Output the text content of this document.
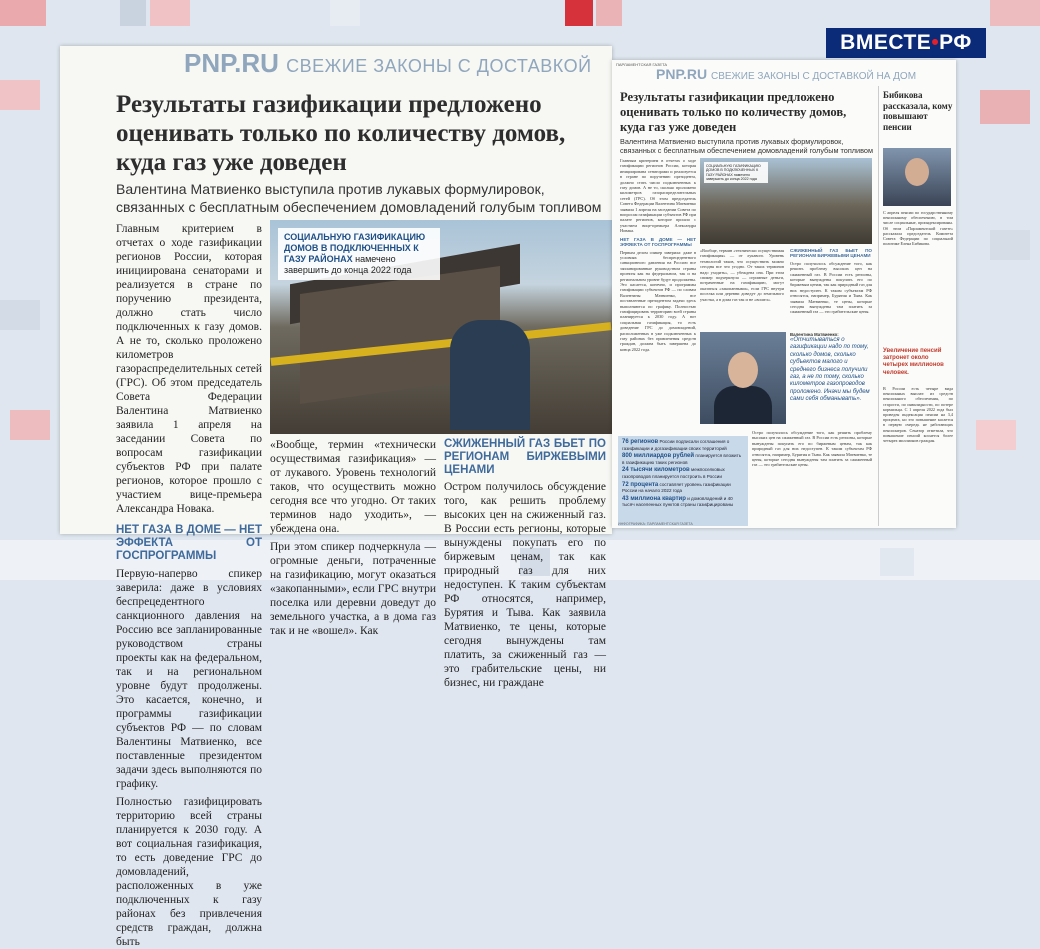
ВМЕСТЕ•РФ
PNP.RU СВЕЖИЕ ЗАКОНЫ С ДОСТАВКОЙ
Результаты газификации предложено оценивать только по количеству домов, куда газ уже доведен
Валентина Матвиенко выступила против лукавых формулировок, связанных с бесплатным обеспечением домовладений голубым топливом
Главным критерием в отчетах о ходе газификации регионов России, которая инициирована сенаторами и реализуется в стране по поручению президента, должно стать число подключенных к газу домов. А не то, сколько проложено километров газораспределительных сетей (ГРС). Об этом председатель Совета Федерации Валентина Матвиенко заявила 1 апреля на заседании Совета по вопросам газификации субъектов РФ при палате регионов, которое прошло с участием вице-премьера Александра Новака.
НЕТ ГАЗА В ДОМЕ — НЕТ ЭФФЕКТА ОТ ГОСПРОГРАММЫ
Первую-наперво спикер заверила: даже в условиях беспрецедентного санкционного давления на Россию все запланированные руководством страны проекты как на федеральном, так и на региональном уровне будут продолжены. Это касается, конечно, и программы газификации субъектов РФ — по словам Валентины Матвиенко, все поставленные президентом задачи здесь выполняются по графику.
Полностью газифицировать территорию всей страны планируется к 2030 году. А вот социальная газификация, то есть доведение ГРС до домовладений, расположенных в уже подключенных к газу районах без привлечения средств граждан, должна быть
СОЦИАЛЬНУЮ ГАЗИФИКАЦИЮ ДОМОВ В ПОДКЛЮЧЕННЫХ К ГАЗУ РАЙОНАХ намечено завершить до конца 2022 года
«Вообще, термин «технически осуществимая газификация» — от лукавого. Уровень технологий таков, что осуществить можно сегодня все что угодно. От таких терминов надо уходить», — убеждена она.
При этом спикер подчеркнула — огромные деньги, потраченные на газификацию, могут оказаться «закопанными», если ГРС внутри поселка или деревни доведут до земельного участка, а в дома газ так и не «вошел». Как
СЖИЖЕННЫЙ ГАЗ БЬЕТ ПО РЕГИОНАМ БИРЖЕВЫМИ ЦЕНАМИ
Остром получилось обсуждение того, как решить проблему высоких цен на сжиженный газ. В России есть регионы, которые вынуждены покупать его по биржевым ценам, так как природный газ для них недоступен. К таким субъектам РФ относятся, например, Бурятия и Тыва. Как заявила Матвиенко, те цены, которые сегодня вынуждены там платить, за сжиженный газ — это грабительские цены, ни бизнес, ни граждане
ПАРЛАМЕНТСКАЯ ГАЗЕТА
PNP.RU СВЕЖИЕ ЗАКОНЫ С ДОСТАВКОЙ НА ДОМ
Результаты газификации предложено оценивать только по количеству домов, куда газ уже доведен
Валентина Матвиенко выступила против лукавых формулировок, связанных с бесплатным обеспечением домовладений голубым топливом
Главным критерием в отчетах о ходе газификации регионов России, которая инициирована сенаторами и реализуется в стране по поручению президента, должно стать число подключенных к газу домов. А не то, сколько проложено километров газораспределительных сетей (ГРС). Об этом председатель Совета Федерации Валентина Матвиенко заявила 1 апреля на заседании Совета по вопросам газификации субъектов РФ при палате регионов, которое прошло с участием вице-премьера Александра Новака.
НЕТ ГАЗА В ДОМЕ — НЕТ ЭФФЕКТА ОТ ГОСПРОГРАММЫ
Первым делом спикер заверила: даже в условиях беспрецедентного санкционного давления на Россию все запланированные руководством страны проекты как на федеральном, так и на региональном уровне будут продолжены. Это касается, конечно, и программы газификации субъектов РФ — по словам Валентины Матвиенко, все поставленные президентом задачи здесь выполняются по графику. Полностью газифицировать территорию всей страны планируется к 2030 году. А вот социальная газификация, то есть доведение ГРС до домовладений, расположенных в уже подключенных к газу районах без привлечения средств граждан, должна быть завершена до конца 2022 года.
СОЦИАЛЬНУЮ ГАЗИФИКАЦИЮ ДОМОВ В ПОДКЛЮЧЕННЫХ К ГАЗУ РАЙОНАХ намечено завершить до конца 2022 года
«Вообще, термин «технически осуществимая газификация» — от лукавого. Уровень технологий таков, что осуществить можно сегодня все что угодно. От таких терминов надо уходить», — убеждена она. При этом спикер подчеркнула — огромные деньги, потраченные на газификацию, могут оказаться «закопанными», если ГРС внутри поселка или деревни доведут до земельного участка, а в дома газ так и не «вошел».
СЖИЖЕННЫЙ ГАЗ БЬЕТ ПО РЕГИОНАМ БИРЖЕВЫМИ ЦЕНАМИ
Остро получилось обсуждение того, как решить проблему высоких цен на сжиженный газ. В России есть регионы, которые вынуждены покупать его по биржевым ценам, так как природный газ для них недоступен. К таким субъектам РФ относятся, например, Бурятия и Тыва. Как заявила Матвиенко, те цены, которые сегодня вынуждены там платить за сжиженный газ — это грабительские цены.
Валентина Матвиенко:
«Отчитываться о газификации надо по тому, сколько домов, сколько субъектов малого и среднего бизнеса получили газ, а не по тому, сколько километров газопроводов проложено. Иначи мы будем сами себя обманывать».
76 регионов России подписали соглашения о газификации и догазификации своих территорий
800 миллиардов рублей планируется вложить в газификацию таких регионов
24 тысячи километров межпоселковых газопроводов планируется построить в России
72 процента составляет уровень газификации России на начало 2022 года
43 миллиона квартир и домовладений и 40 тысяч населенных пунктов страны газифицированы
Остро получилось обсуждение того, как решить проблему высоких цен на сжиженный газ. В России есть регионы, которые вынуждены покупать его по биржевым ценам, так как природный газ для них недоступен. К таким субъектам РФ относятся, например, Бурятия и Тыва. Как заявила Матвиенко, те цены, которые сегодня вынуждены там платить за сжиженный газ — это грабительские цены.
Бибикова рассказала, кому повышают пенсии
С апреля пенсии по государственному пенсионному обеспечению, в том числе социальные, проиндексированы. Об этом «Парламентской газете» рассказала председатель Комитета Совета Федерации по социальной политике Елена Бибикова.
Увеличение пенсий затронет около четырех миллионов человек.
В России есть четыре вида пенсионных выплат: из средств пенсионного обеспечения, по старости, по инвалидности, по потере кормильца. С 1 апреля 2022 года был проведен индексация пенсии на 3,4 процента, но это повышение касается в первую очередь не работающих пенсионеров. Сенатор отметила, что повышение пенсий коснется более четырех миллионов граждан.
ИНФОГРАФИКА: ПАРЛАМЕНТСКАЯ ГАЗЕТА
